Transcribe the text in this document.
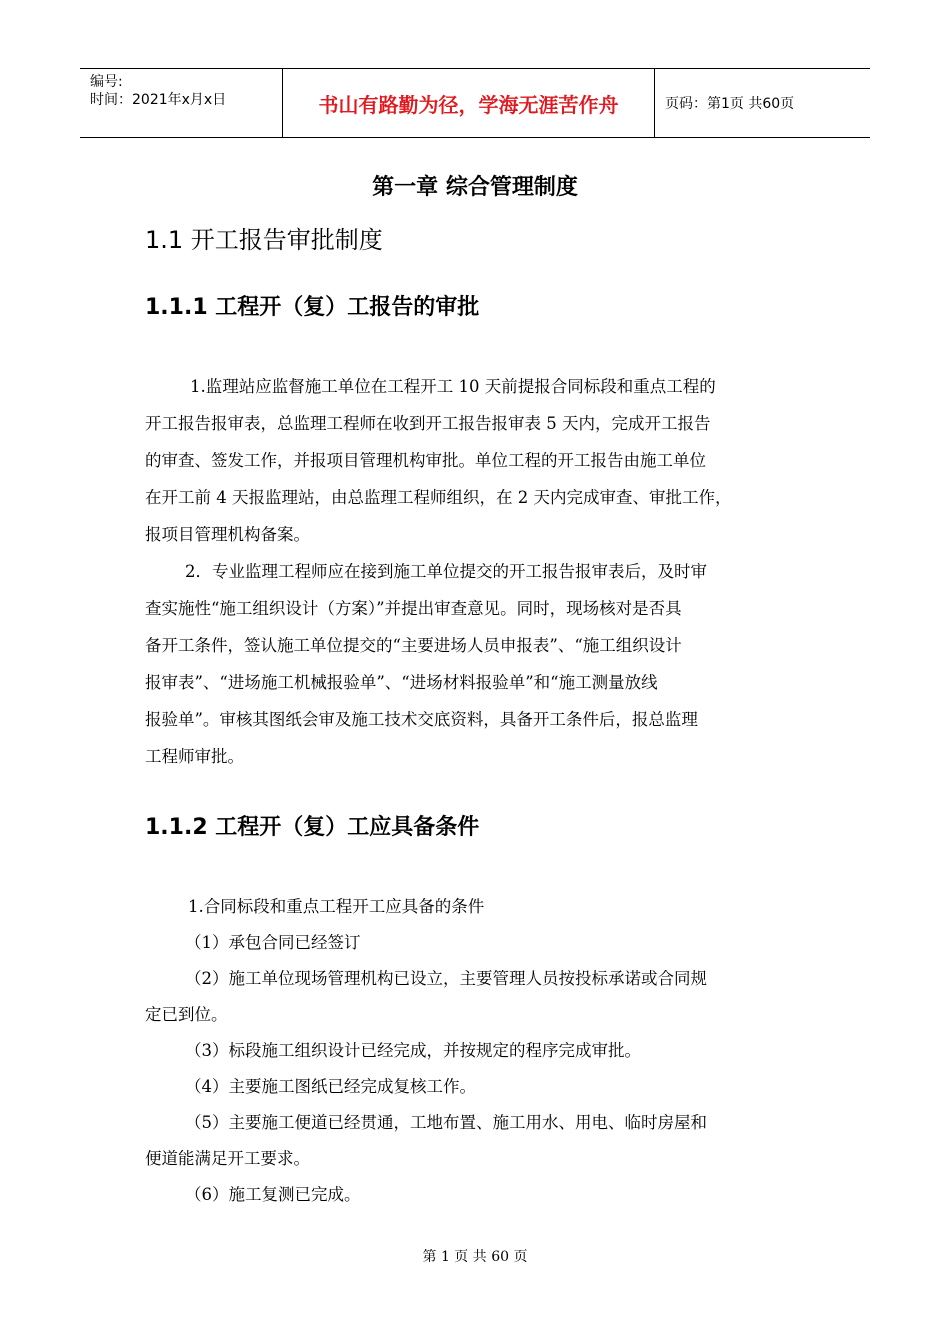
编号:
时间：2021年x月x日	书山有路勤为径，学海无涯苦作舟	页码：第1页 共60页
第一章 综合管理制度
1.1 开工报告审批制度
1.1.1 工程开（复）工报告的审批
1.监理站应监督施工单位在工程开工 10 天前提报合同标段和重点工程的
开工报告报审表，总监理工程师在收到开工报告报审表 5 天内，完成开工报告
的审查、签发工作，并报项目管理机构审批。单位工程的开工报告由施工单位
在开工前 4 天报监理站，由总监理工程师组织，在 2 天内完成审查、审批工作，
报项目管理机构备案。
2．专业监理工程师应在接到施工单位提交的开工报告报审表后，及时审
查实施性“施工组织设计（方案）”并提出审查意见。同时，现场核对是否具
备开工条件，签认施工单位提交的“主要进场人员申报表”、“施工组织设计
报审表”、“进场施工机械报验单”、“进场材料报验单”和“施工测量放线
报验单”。审核其图纸会审及施工技术交底资料，具备开工条件后，报总监理
工程师审批。
1.1.2 工程开（复）工应具备条件
1.合同标段和重点工程开工应具备的条件
（1）承包合同已经签订
（2）施工单位现场管理机构已设立，主要管理人员按投标承诺或合同规
定已到位。
（3）标段施工组织设计已经完成，并按规定的程序完成审批。
（4）主要施工图纸已经完成复核工作。
（5）主要施工便道已经贯通，工地布置、施工用水、用电、临时房屋和
便道能满足开工要求。
（6）施工复测已完成。
第 1 页 共 60 页
